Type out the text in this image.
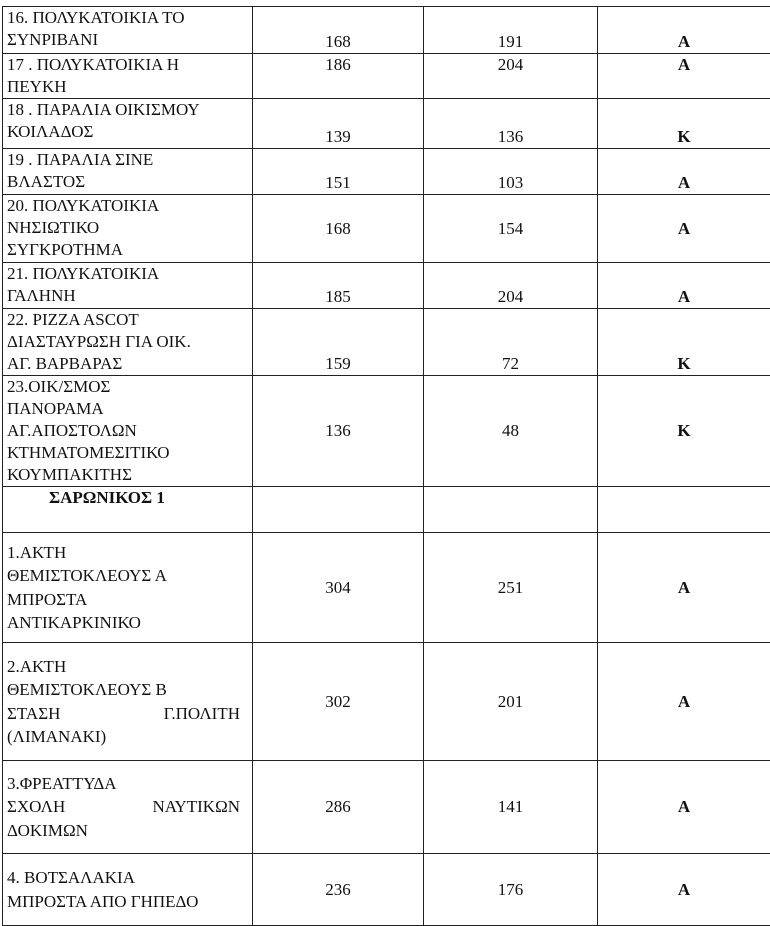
16. ΠΟΛΥΚΑΤΟΙΚΙΑ ΤΟ
ΣΥΝΡΙΒΑΝΙ	168	191	Α

17 . ΠΟΛΥΚΑΤΟΙΚΙΑ Η
ΠΕΥΚΗ	186	204	Α

18 . ΠΑΡΑΛΙΑ ΟΙΚΙΣΜΟΥ
ΚΟΙΛΑΔΟΣ	139	136	Κ

19 . ΠΑΡΑΛΙΑ ΣΙΝΕ
ΒΛΑΣΤΟΣ	151	103	Α

20. ΠΟΛΥΚΑΤΟΙΚΙΑ
ΝΗΣΙΩΤΙΚΟ
ΣΥΓΚΡΟΤΗΜΑ	168	154	Α

21. ΠΟΛΥΚΑΤΟΙΚΙΑ
ΓΑΛΗΝΗ	185	204	Α

22. PIZZA ASCOT
ΔΙΑΣΤΑΥΡΩΣΗ ΓΙΑ ΟΙΚ.
ΑΓ. ΒΑΡΒΑΡΑΣ	159	72	Κ

23.ΟΙΚ/ΣΜΟΣ
ΠΑΝΟΡΑΜΑ
ΑΓ.ΑΠΟΣΤΟΛΩΝ
ΚΤΗΜΑΤΟΜΕΣΙΤΙΚΟ
ΚΟΥΜΠΑΚΙΤΗΣ	136	48	Κ
ΣΑΡΩΝΙΚΟΣ 1			

1.ΑΚΤΗ
ΘΕΜΙΣΤΟΚΛΕΟΥΣ Α
ΜΠΡΟΣΤΑ
ΑΝΤΙΚΑΡΚΙΝΙΚΟ	304	251	Α

2.ΑΚΤΗ
ΘΕΜΙΣΤΟΚΛΕΟΥΣ Β
ΣΤΑΣΗ Γ.ΠΟΛΙΤΗ
(ΛΙΜΑΝΑΚΙ)	302	201	Α

3.ΦΡΕΑΤΤΥΔΑ
ΣΧΟΛΗ ΝΑΥΤΙΚΩΝ
ΔΟΚΙΜΩΝ	286	141	Α

4. ΒΟΤΣΑΛΑΚΙΑ
ΜΠΡΟΣΤΑ ΑΠΟ ΓΗΠΕΔΟ	236	176	Α
